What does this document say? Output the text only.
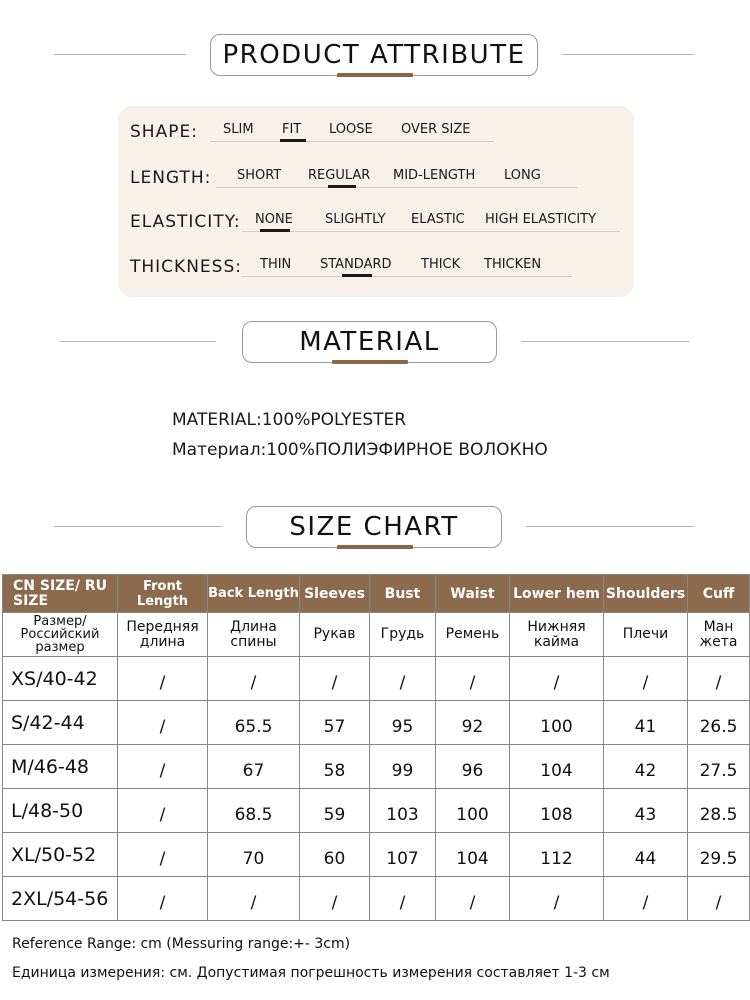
PRODUCT ATTRIBUTE
SHAPE: SLIM FIT LOOSE OVER SIZE
LENGTH: SHORT REGULAR MID-LENGTH LONG
ELASTICITY: NONE SLIGHTLY ELASTIC HIGH ELASTICITY
THICKNESS: THIN STANDARD THICK THICKEN
MATERIAL
MATERIAL:100%POLYESTER
Материал:100%ПОЛИЭФИРНОЕ ВОЛОКНО
SIZE CHART
CN SIZE/ RU SIZE	Front Length	Back Length	Sleeves	Bust	Waist	Lower hem	Shoulders	Cuff
Размер/ Российский размер	Передняя длина	Длина спины	Рукав	Грудь	Ремень	Нижняя кайма	Плечи	Ман жета
XS/40-42	/	/	/	/	/	/	/	/
S/42-44	/	65.5	57	95	92	100	41	26.5
M/46-48	/	67	58	99	96	104	42	27.5
L/48-50	/	68.5	59	103	100	108	43	28.5
XL/50-52	/	70	60	107	104	112	44	29.5
2XL/54-56	/	/	/	/	/	/	/	/
Reference Range: cm (Messuring range:+- 3cm)
Единица измерения: см. Допустимая погрешность измерения составляет 1-3 см
